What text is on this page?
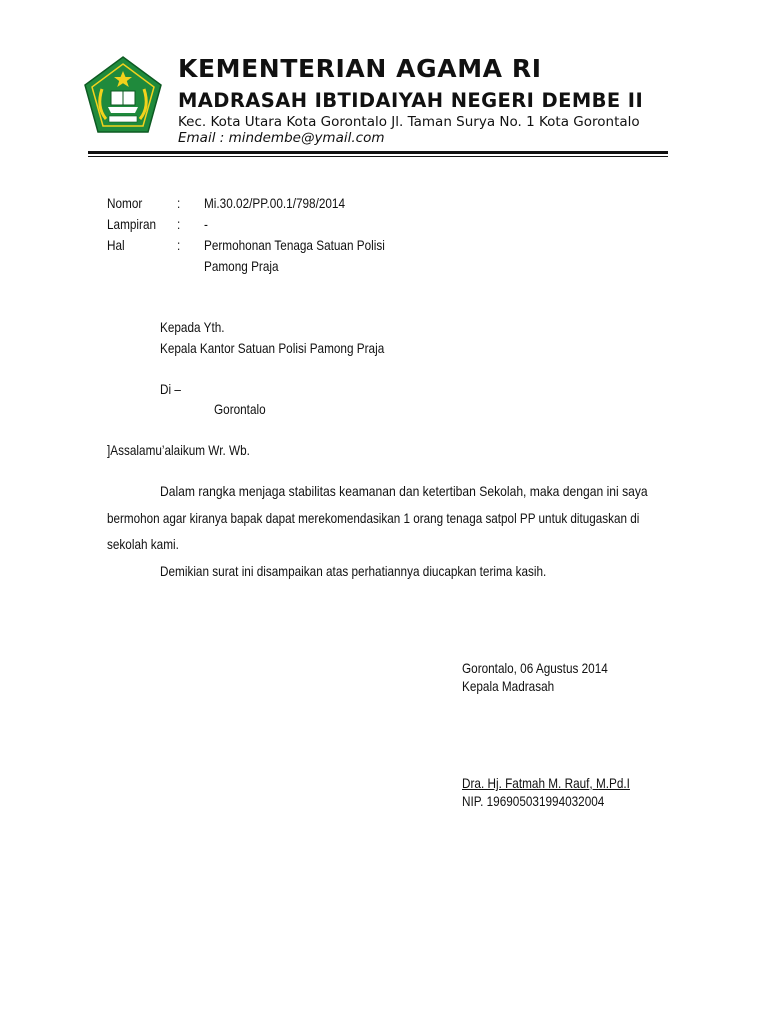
KEMENTERIAN AGAMA RI
MADRASAH IBTIDAIYAH NEGERI DEMBE II
Kec. Kota Utara Kota Gorontalo Jl. Taman Surya No. 1 Kota Gorontalo
Email : mindembe@ymail.com
Nomor : Mi.30.02/PP.00.1/798/2014
Lampiran : -
Hal	: Permohonan Tenaga Satuan Polisi
Pamong Praja
Kepada Yth.
Kepala Kantor Satuan Polisi Pamong Praja
Di –
Gorontalo
]Assalamu’alaikum Wr. Wb.
Dalam rangka menjaga stabilitas keamanan dan ketertiban Sekolah, maka dengan ini saya
bermohon agar kiranya bapak dapat merekomendasikan 1 orang tenaga satpol PP untuk ditugaskan di
sekolah kami.
Demikian surat ini disampaikan atas perhatiannya diucapkan terima kasih.
Gorontalo, 06 Agustus 2014
Kepala Madrasah
Dra. Hj. Fatmah M. Rauf, M.Pd.I
NIP. 196905031994032004
